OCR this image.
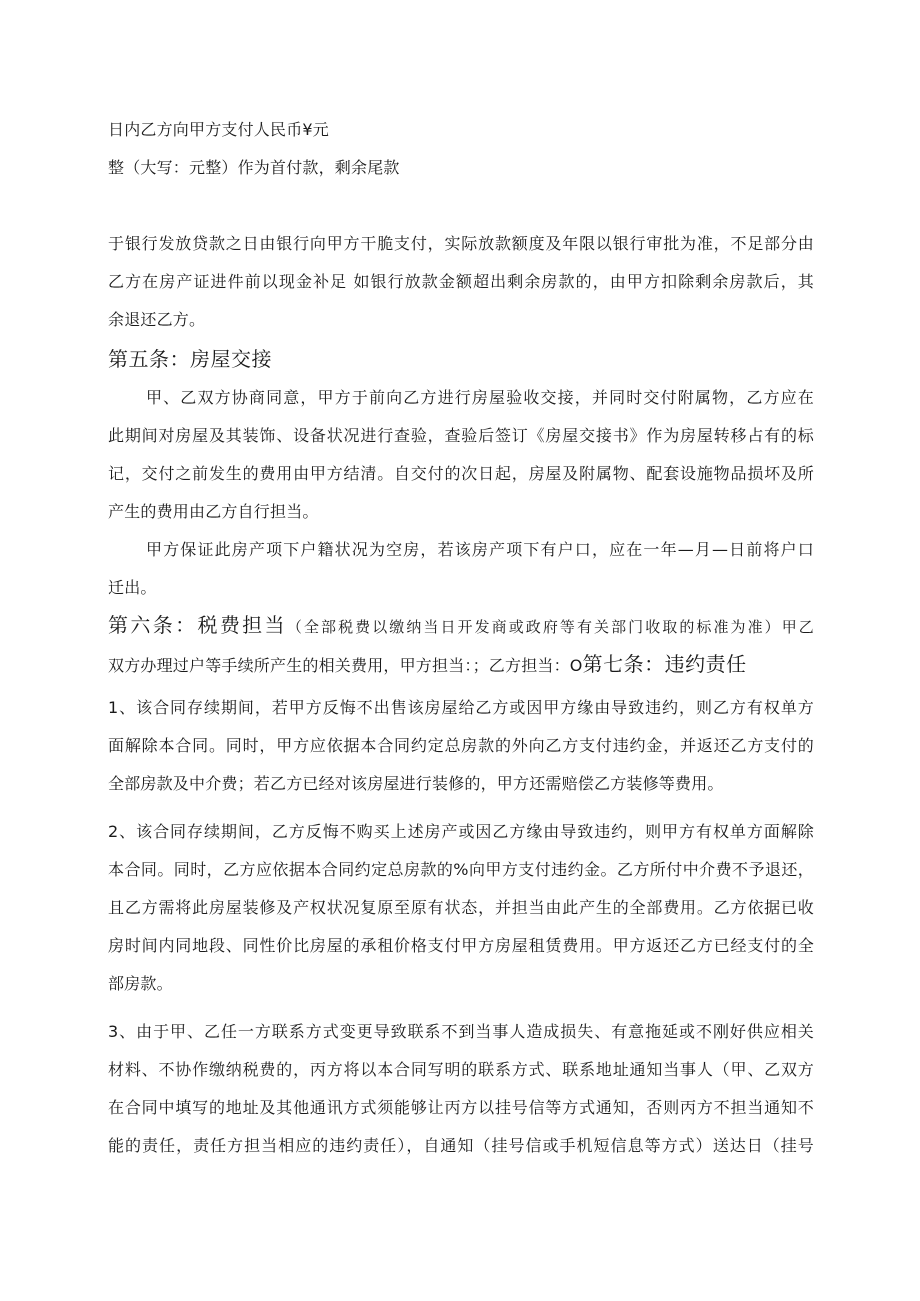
日内乙方向甲方支付人民币¥元
整（大写：元整）作为首付款，剩余尾款
于银行发放贷款之日由银行向甲方干脆支付，实际放款额度及年限以银行审批为准，不足部分由
乙方在房产证进件前以现金补足 如银行放款金额超出剩余房款的，由甲方扣除剩余房款后，其
余退还乙方。
第五条：房屋交接
甲、乙双方协商同意，甲方于前向乙方进行房屋验收交接，并同时交付附属物，乙方应在
此期间对房屋及其装饰、设备状况进行查验，查验后签订《房屋交接书》作为房屋转移占有的标
记，交付之前发生的费用由甲方结清。自交付的次日起，房屋及附属物、配套设施物品损坏及所
产生的费用由乙方自行担当。
甲方保证此房产项下户籍状况为空房，若该房产项下有户口，应在一年—月—日前将户口
迁出。
第六条：税费担当（全部税费以缴纳当日开发商或政府等有关部门收取的标准为准）甲乙
双方办理过户等手续所产生的相关费用，甲方担当：；乙方担当：O第七条：违约责任
1、该合同存续期间，若甲方反悔不出售该房屋给乙方或因甲方缘由导致违约，则乙方有权单方
面解除本合同。同时，甲方应依据本合同约定总房款的外向乙方支付违约金，并返还乙方支付的
全部房款及中介费；若乙方已经对该房屋进行装修的，甲方还需赔偿乙方装修等费用。
2、该合同存续期间，乙方反悔不购买上述房产或因乙方缘由导致违约，则甲方有权单方面解除
本合同。同时，乙方应依据本合同约定总房款的%向甲方支付违约金。乙方所付中介费不予退还，
且乙方需将此房屋装修及产权状况复原至原有状态，并担当由此产生的全部费用。乙方依据已收
房时间内同地段、同性价比房屋的承租价格支付甲方房屋租赁费用。甲方返还乙方已经支付的全
部房款。
3、由于甲、乙任一方联系方式变更导致联系不到当事人造成损失、有意拖延或不刚好供应相关
材料、不协作缴纳税费的，丙方将以本合同写明的联系方式、联系地址通知当事人（甲、乙双方
在合同中填写的地址及其他通讯方式须能够让丙方以挂号信等方式通知，否则丙方不担当通知不
能的责任，责任方担当相应的违约责任），自通知（挂号信或手机短信息等方式）送达日（挂号
